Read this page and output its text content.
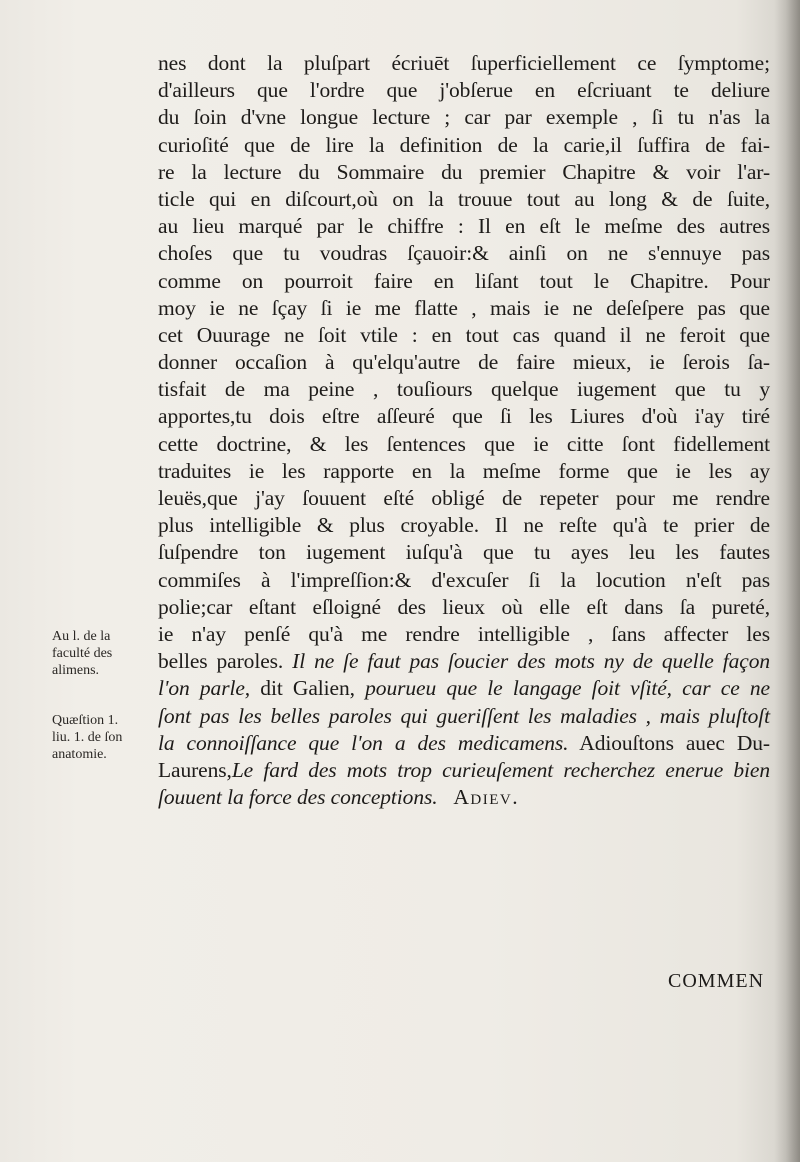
nes dont la pluſpart écriuēt ſuperficiellement ce ſymptome;
d'ailleurs que l'ordre que j'obſerue en eſcriuant te deliure
du ſoin d'vne longue lecture ; car par exemple , ſi tu n'as la
curioſité que de lire la definition de la carie,il ſuffira de fai-
re la lecture du Sommaire du premier Chapitre & voir l'ar-
ticle qui en diſcourt,où on la trouue tout au long & de ſuite,
au lieu marqué par le chiffre : Il en eſt le meſme des autres
choſes que tu voudras ſçauoir:& ainſi on ne s'ennuye pas
comme on pourroit faire en liſant tout le Chapitre. Pour
moy ie ne ſçay ſi ie me flatte , mais ie ne deſeſpere pas que
cet Ouurage ne ſoit vtile : en tout cas quand il ne feroit que
donner occaſion à qu'elqu'autre de faire mieux, ie ſerois ſa-
tisfait de ma peine , touſiours quelque iugement que tu y
apportes,tu dois eſtre aſſeuré que ſi les Liures d'où i'ay tiré
cette doctrine, & les ſentences que ie citte ſont fidellement
traduites ie les rapporte en la meſme forme que ie les ay
leuës,que j'ay ſouuent eſté obligé de repeter pour me rendre
plus intelligible & plus croyable. Il ne reſte qu'à te prier de
ſuſpendre ton iugement iuſqu'à que tu ayes leu les fautes
commiſes à l'impreſſion:& d'excuſer ſi la locution n'eſt pas
polie;car eſtant eſloigné des lieux où elle eſt dans ſa pureté,
ie n'ay penſé qu'à me rendre intelligible , ſans affecter les
belles paroles. Il ne ſe faut pas ſoucier des mots ny de quelle façon
l'on parle, dit Galien, pourueu que le langage ſoit vſité, car ce ne
ſont pas les belles paroles qui gueriſſent les maladies , mais pluſtoſt
la connoiſſance que l'on a des medicamens. Adiouſtons auec Du-
Laurens,Le fard des mots trop curieuſement recherchez enerue bien
ſouuent la force des conceptions. Adiev.
Au l. de la
faculté des
alimens.
Quæſtion 1.
liu. 1. de ſon
anatomie.
COMMEN
